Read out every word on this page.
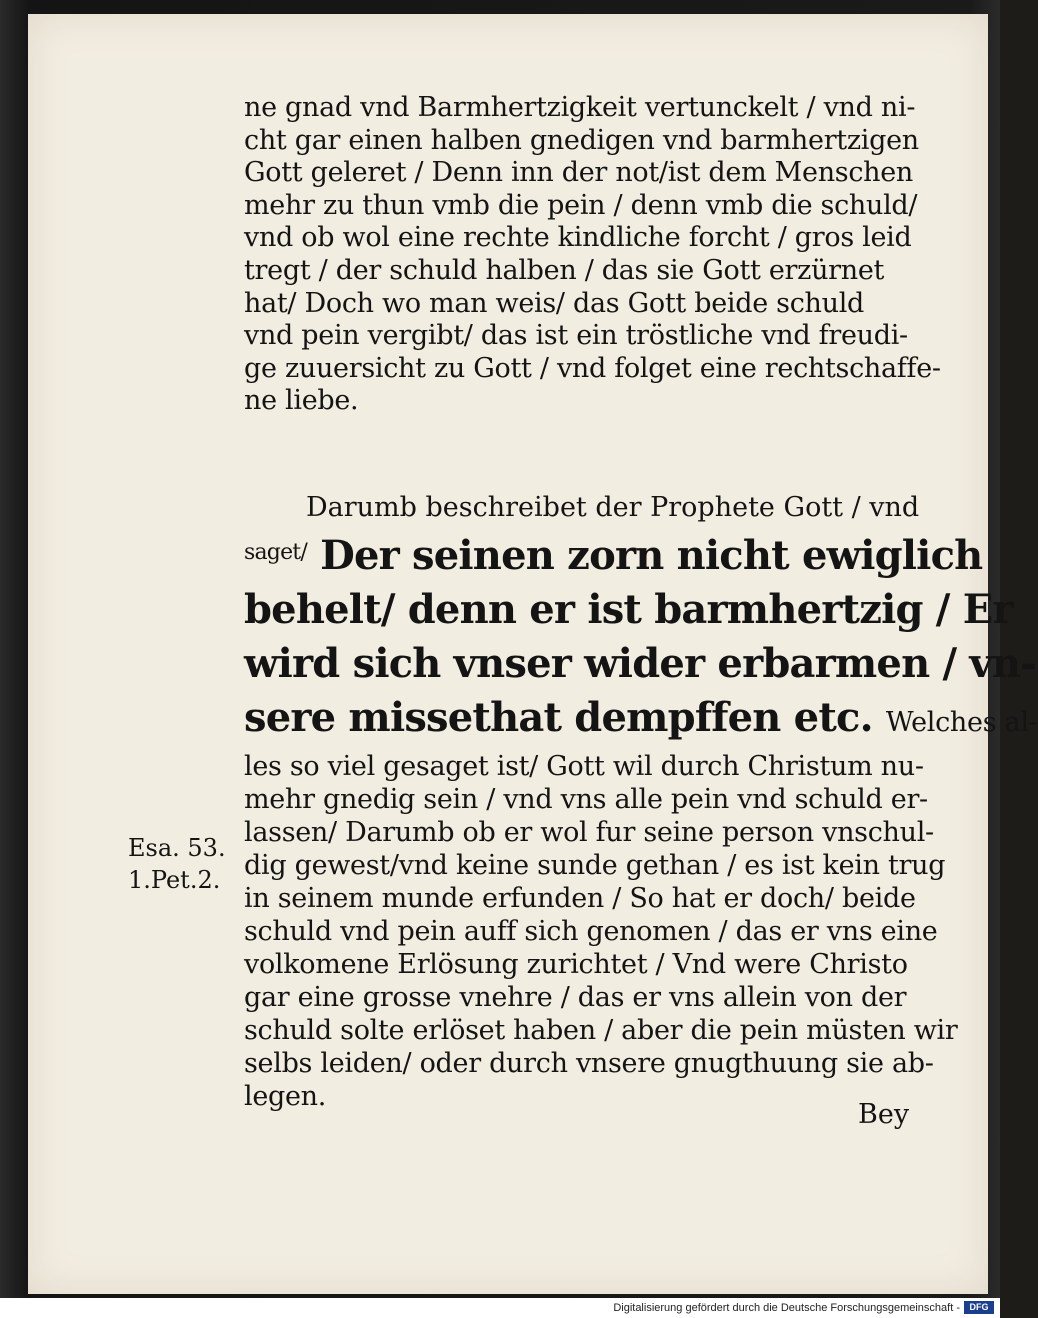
ne gnad vnd Barmhertzigkeit vertunckelt / vnd ni-
cht gar einen halben gnedigen vnd barmhertzigen
Gott geleret / Denn inn der not/ist dem Menschen
mehr zu thun vmb die pein / denn vmb die schuld/
vnd ob wol eine rechte kindliche forcht / gros leid
tregt / der schuld halben / das sie Gott erzürnet
hat/ Doch wo man weis/ das Gott beide schuld
vnd pein vergibt/ das ist ein tröstliche vnd freudi-
ge zuuersicht zu Gott / vnd folget eine rechtschaffe-
ne liebe.
Darumb beschreibet der Prophete Gott / vnd
$^{saget/}$ Der seinen zorn nicht ewiglich
behelt/ denn er ist barmhertzig / Er
wird sich vnser wider erbarmen / vn-
sere missethat dempffen etc. Welches al-
les so viel gesaget ist/ Gott wil durch Christum nu-
mehr gnedig sein / vnd vns alle pein vnd schuld er-
lassen/ Darumb ob er wol fur seine person vnschul-
dig gewest/vnd keine sunde gethan / es ist kein trug
in seinem munde erfunden / So hat er doch/ beide
schuld vnd pein auff sich genomen / das er vns eine
volkomene Erlösung zurichtet / Vnd were Christo
gar eine grosse vnehre / das er vns allein von der
schuld solte erlöset haben / aber die pein müsten wir
selbs leiden/ oder durch vnsere gnugthuung sie ab-
legen.
Esa. 53.
1.Pet.2.
Bey
Digitalisierung gefördert durch die Deutsche Forschungsgemeinschaft -	DFG
